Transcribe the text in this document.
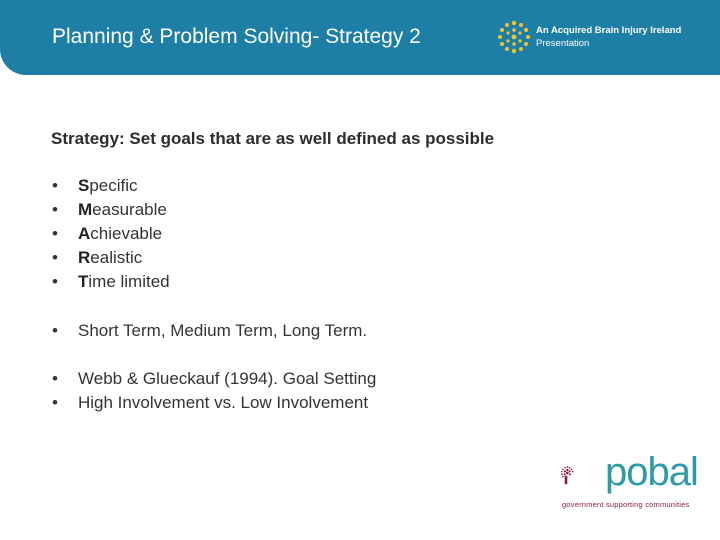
Planning & Problem Solving- Strategy 2	An Acquired Brain Injury Ireland
Presentation
Strategy: Set goals that are as well defined as possible
•	Specific
•	Measurable
•	Achievable
•	Realistic
•	Time limited
•	Short Term, Medium Term, Long Term.
•	Webb & Glueckauf (1994). Goal Setting
•	High Involvement vs. Low Involvement
pobal
government supporting communities
